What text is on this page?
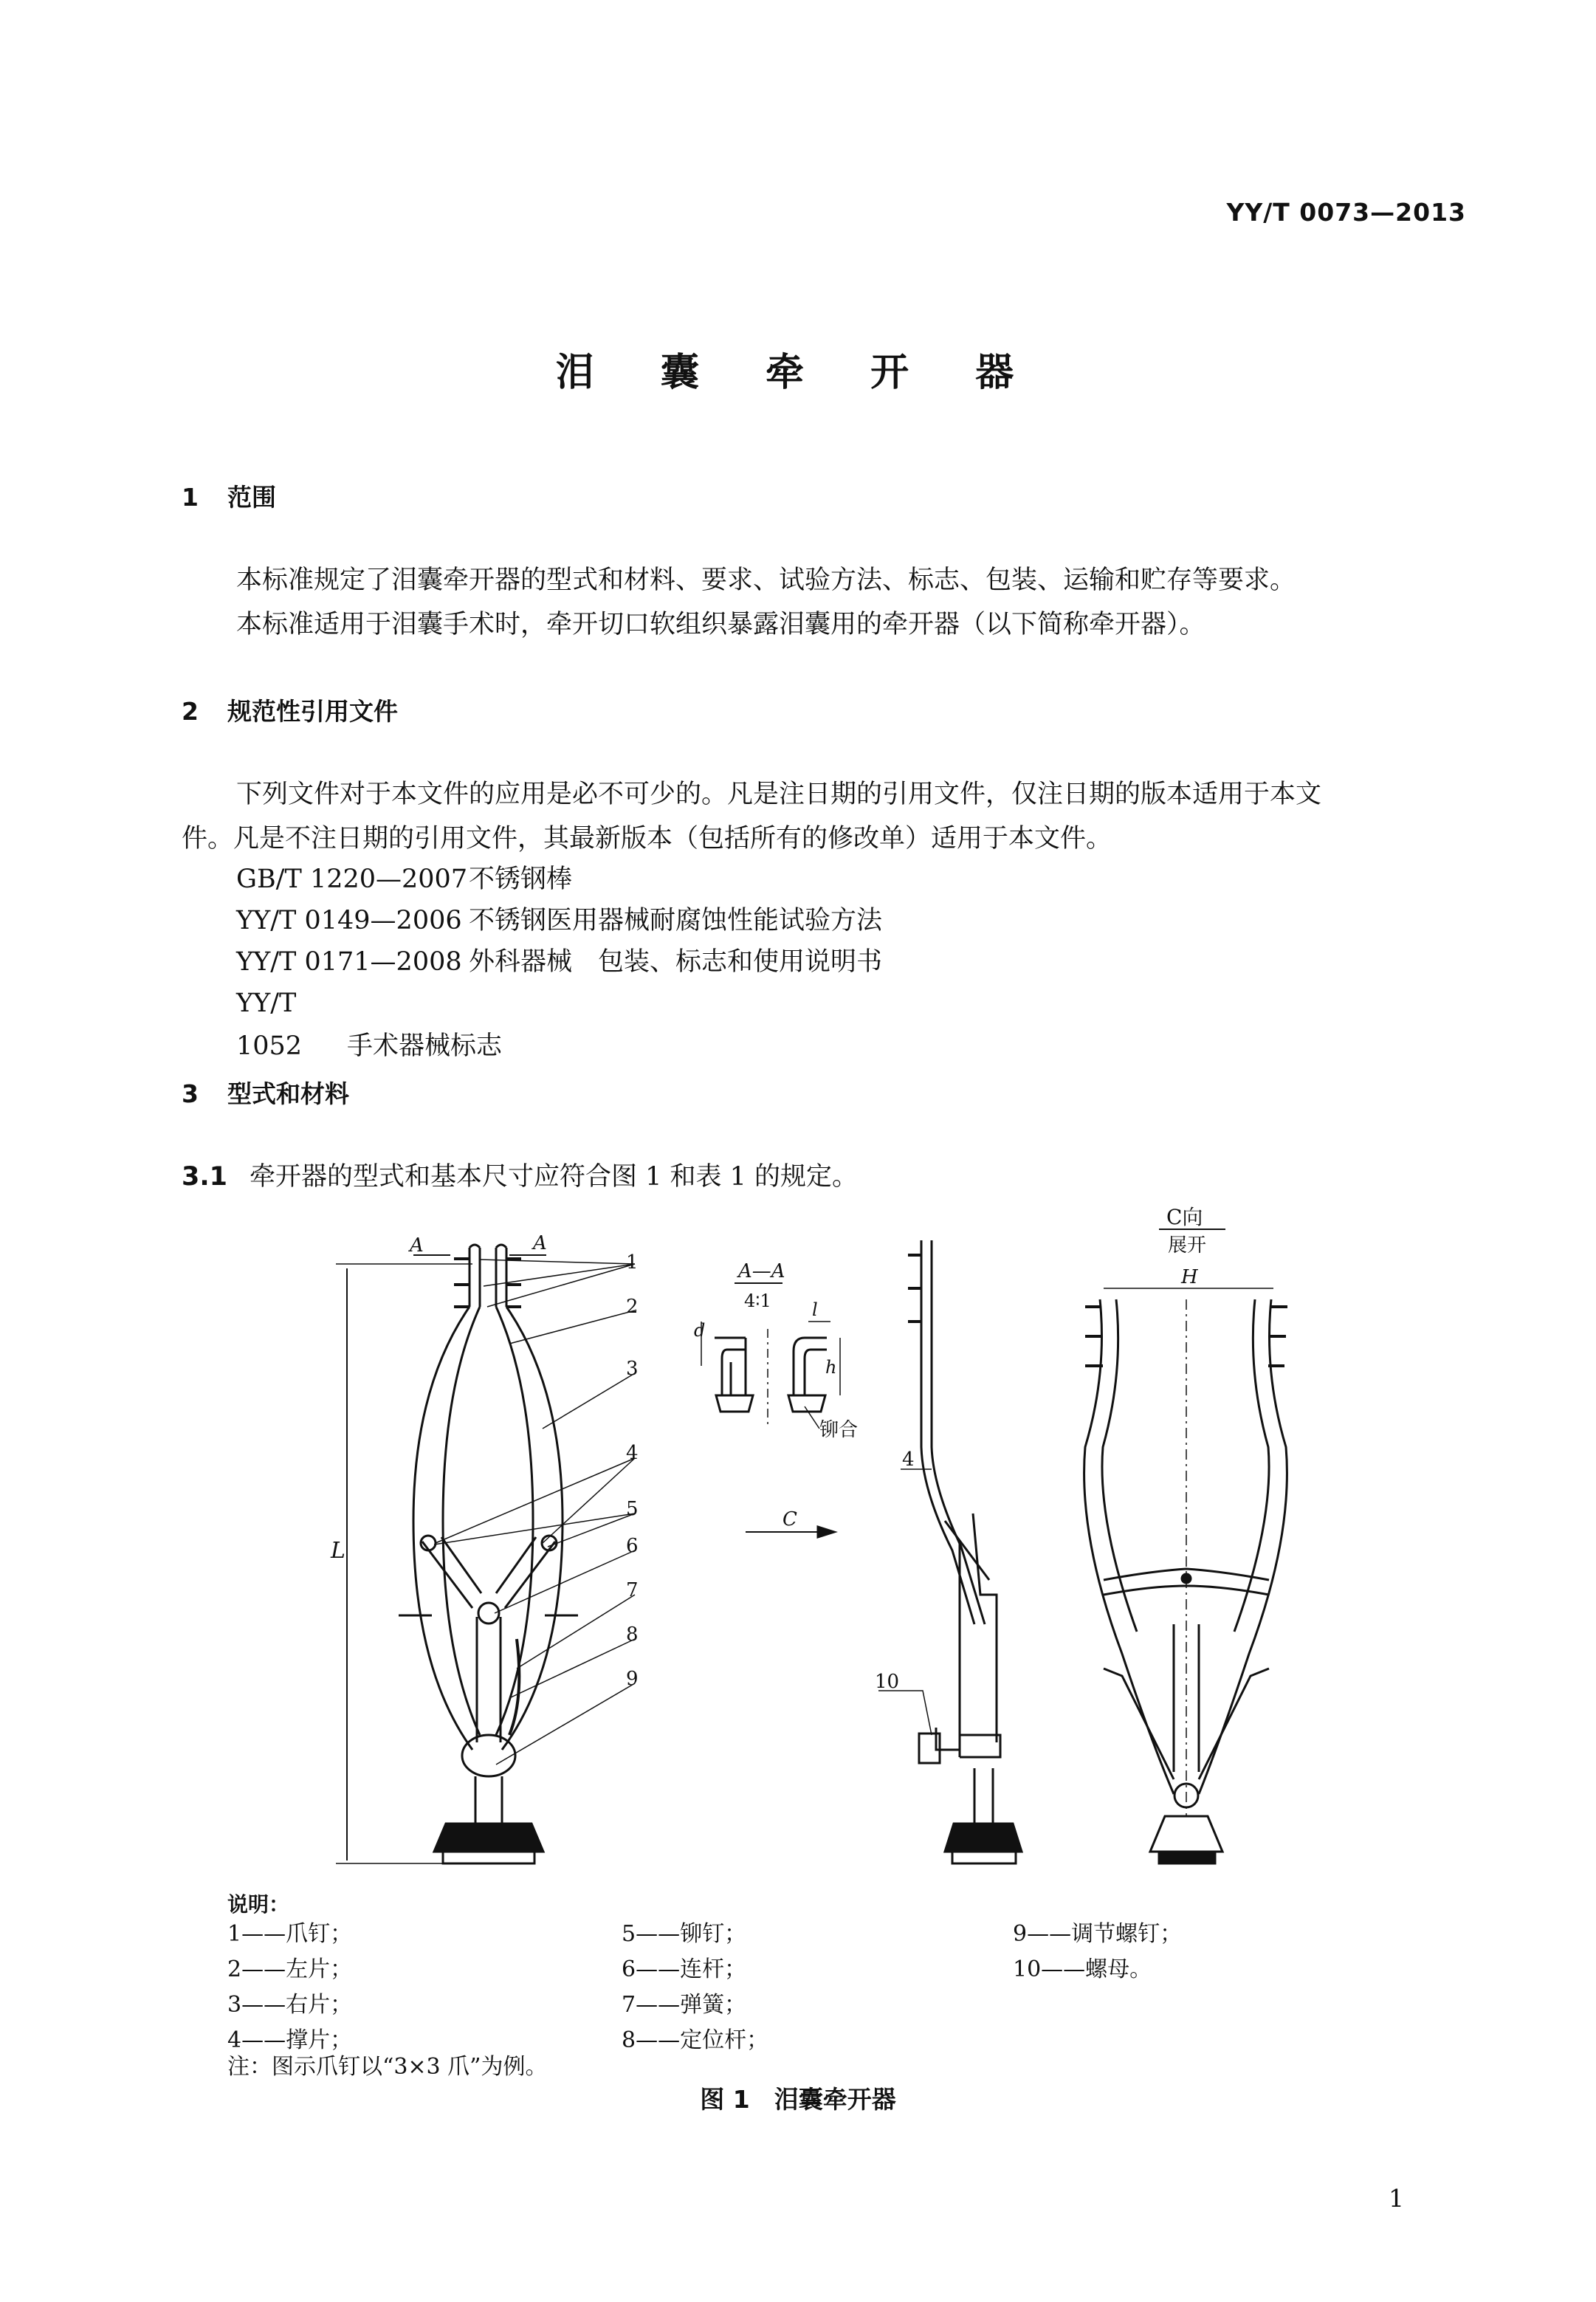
YY/T 0073—2013
泪 囊 牵 开 器
1 范围
本标准规定了泪囊牵开器的型式和材料、要求、试验方法、标志、包装、运输和贮存等要求。
本标准适用于泪囊手术时，牵开切口软组织暴露泪囊用的牵开器（以下简称牵开器）。
2 规范性引用文件
下列文件对于本文件的应用是必不可少的。凡是注日期的引用文件，仅注日期的版本适用于本文
件。凡是不注日期的引用文件，其最新版本（包括所有的修改单）适用于本文件。
GB/T 1220—2007不锈钢棒
YY/T 0149—2006 不锈钢医用器械耐腐蚀性能试验方法
YY/T 0171—2008 外科器械　包装、标志和使用说明书
YY/T 1052 手术器械标志
3 型式和材料
3.1 牵开器的型式和基本尺寸应符合图 1 和表 1 的规定。
L
A	A
1
2
3
4
5
6
7
8
9
A—A
4∶1
d
l
h
铆合
C
4
10
C向
展开
H
说明：
1——爪钉；
2——左片；
3——右片；
4——撑片；
5——铆钉；
6——连杆；
7——弹簧；
8——定位杆；
9——调节螺钉；
10——螺母。
注：图示爪钉以“3×3 爪”为例。
图 1　泪囊牵开器
1
